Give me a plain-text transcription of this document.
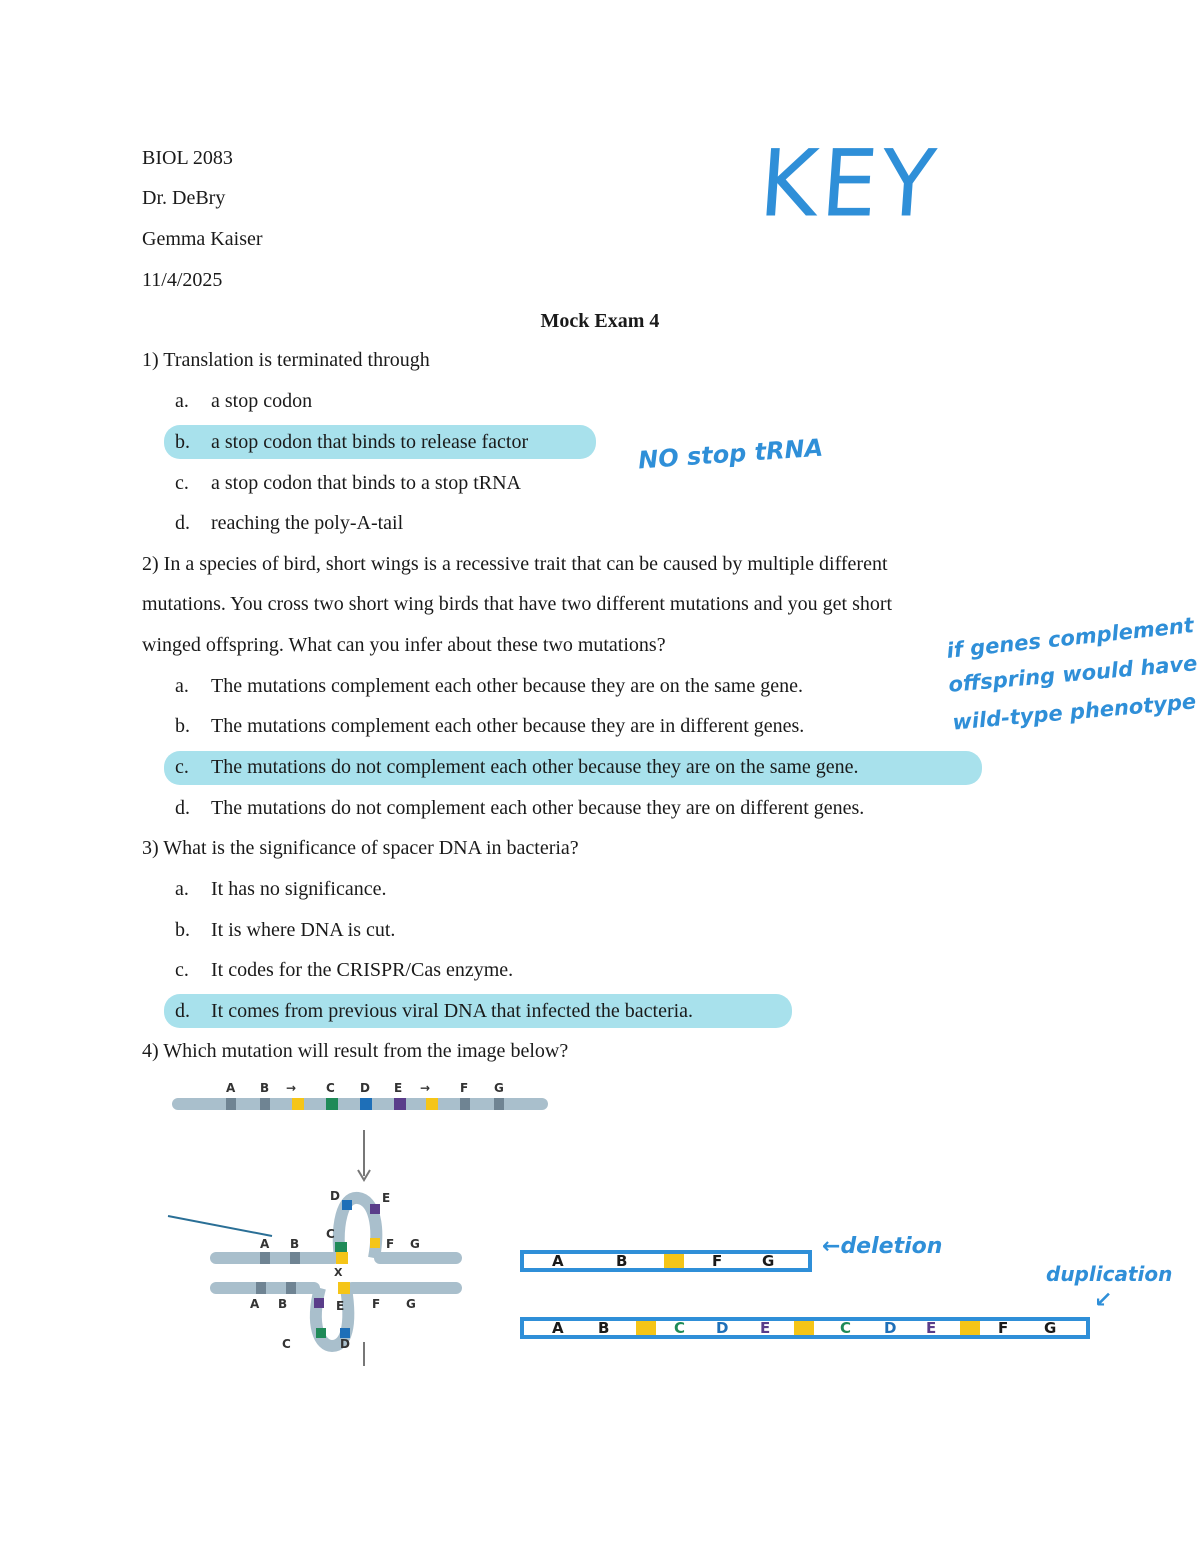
BIOL 2083
Dr. DeBry
Gemma Kaiser
11/4/2025
KEY
Mock Exam 4
1) Translation is terminated through
a. a stop codon
b. a stop codon that binds to release factor
c. a stop codon that binds to a stop tRNA
d. reaching the poly-A-tail
NO stop tRNA
2) In a species of bird, short wings is a recessive trait that can be caused by multiple different
mutations. You cross two short wing birds that have two different mutations and you get short
winged offspring. What can you infer about these two mutations?
a. The mutations complement each other because they are on the same gene.
b. The mutations complement each other because they are in different genes.
c. The mutations do not complement each other because they are on the same gene.
d. The mutations do not complement each other because they are on different genes.
if genes complement
offspring would have
wild-type phenotype
3) What is the significance of spacer DNA in bacteria?
a. It has no significance.
b. It is where DNA is cut.
c. It codes for the CRISPR/Cas enzyme.
d. It comes from previous viral DNA that infected the bacteria.
4) Which mutation will result from the image below?
A B → C D E → F G
A B
C
D	E
F G
X
A B	E F G
C	D
A	B	F	G
←deletion
A B	C D E	C D E	F G
duplication
↙
